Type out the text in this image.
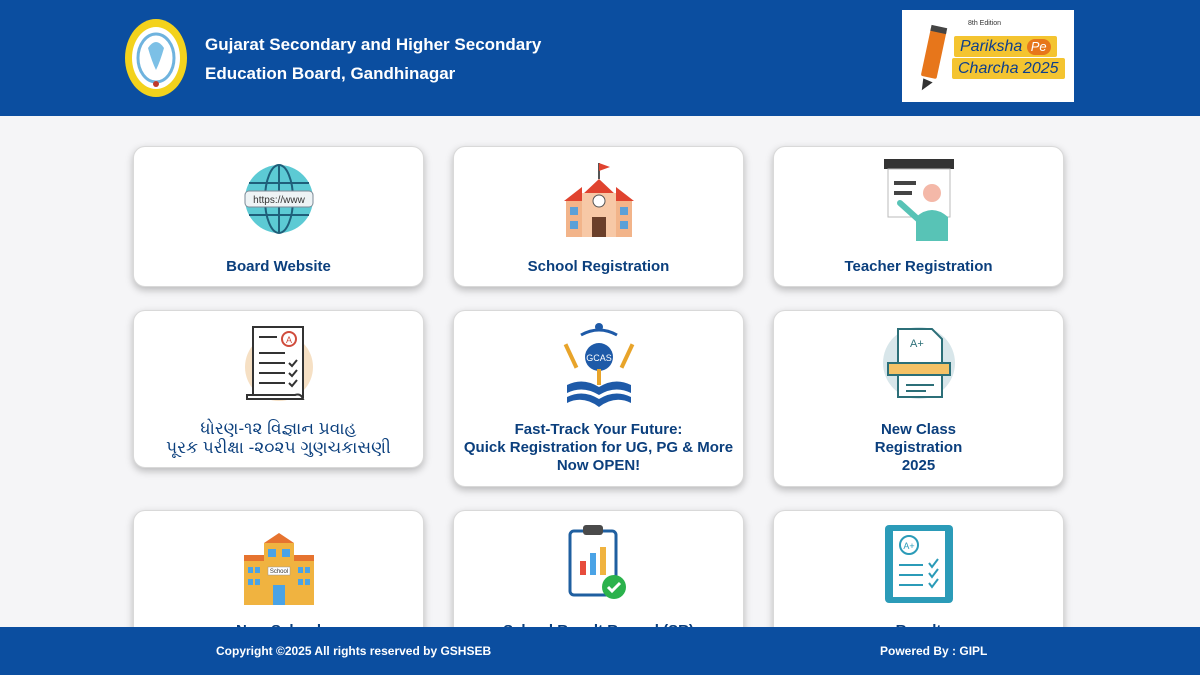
Gujarat Secondary and Higher Secondary
Education Board, Gandhinagar
8th Edition
Pariksha Pe
Charcha 2025
https://www
Board Website	School Registration	Teacher Registration
A
ધોરણ-૧૨ વિજ્ઞાન પ્રવાહ
પૂરક પરીક્ષા -૨૦૨૫ ગુણચકાસણી
GCAS
Fast-Track Your Future:
Quick Registration for UG, PG & More
Now OPEN!
A+
New Class
Registration
2025
School
A+
Copyright ©2025 All rights reserved by GSHSEB	Powered By : GIPL
